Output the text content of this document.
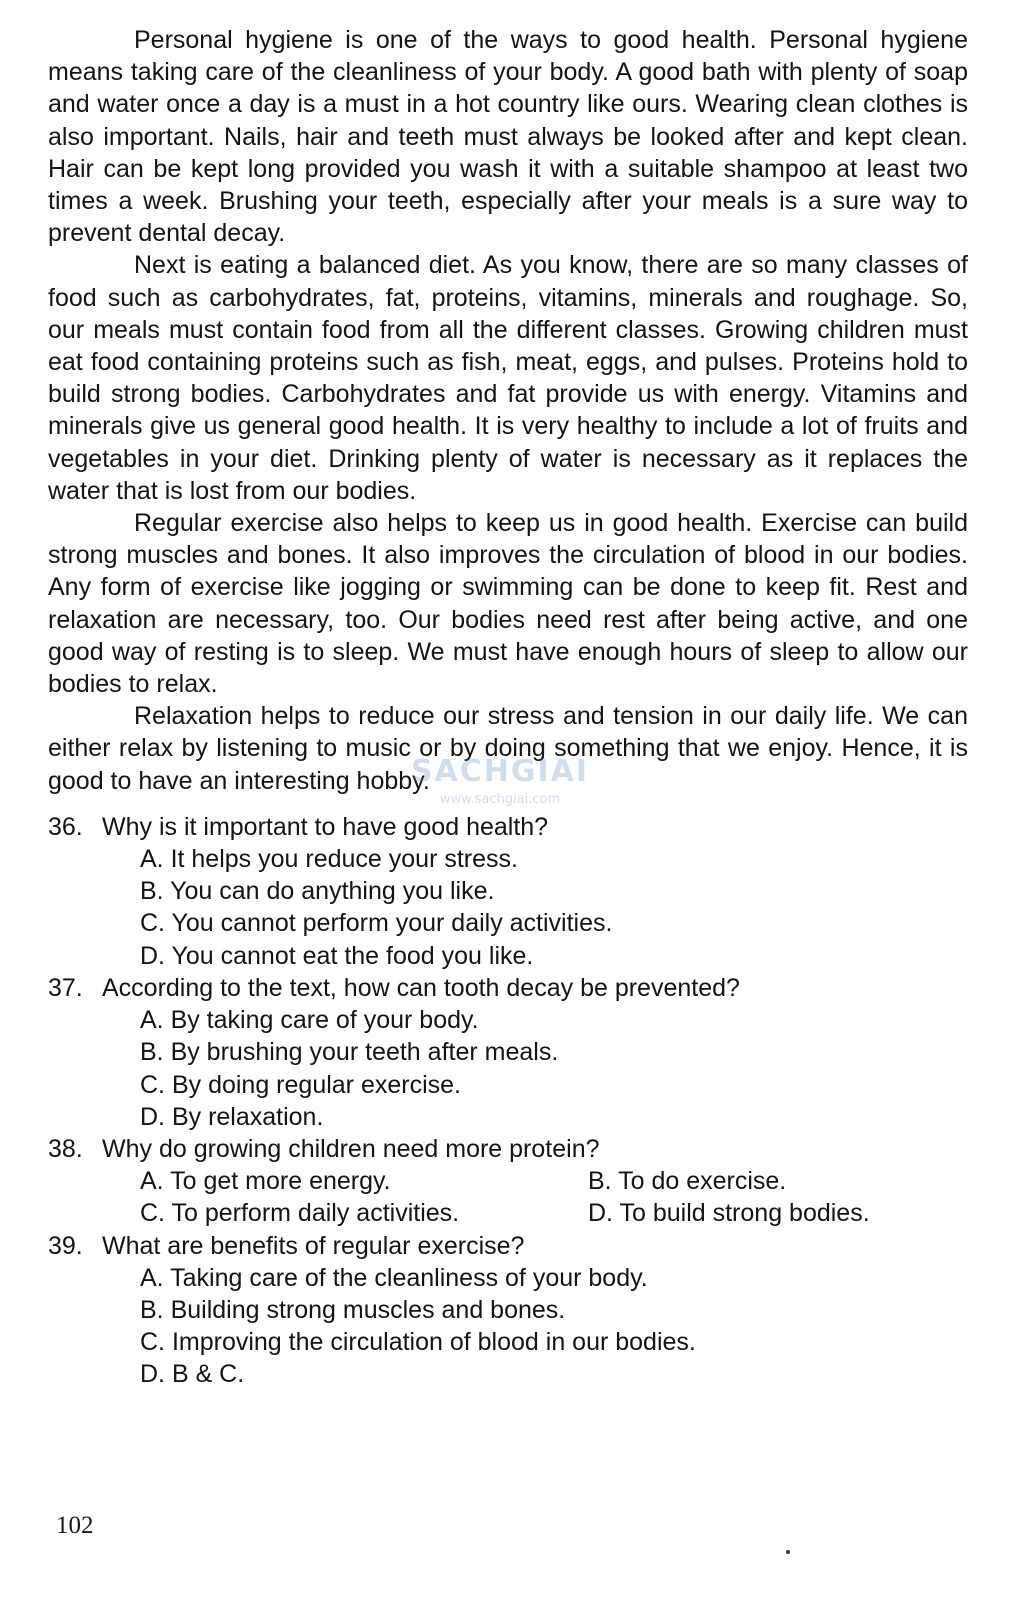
Personal hygiene is one of the ways to good health. Personal hygiene means taking care of the cleanliness of your body. A good bath with plenty of soap and water once a day is a must in a hot country like ours. Wearing clean clothes is also important. Nails, hair and teeth must always be looked after and kept clean. Hair can be kept long provided you wash it with a suitable shampoo at least two times a week. Brushing your teeth, especially after your meals is a sure way to prevent dental decay.

Next is eating a balanced diet. As you know, there are so many classes of food such as carbohydrates, fat, proteins, vitamins, minerals and roughage. So, our meals must contain food from all the different classes. Growing children must eat food containing proteins such as fish, meat, eggs, and pulses. Proteins hold to build strong bodies. Carbohydrates and fat provide us with energy. Vitamins and minerals give us general good health. It is very healthy to include a lot of fruits and vegetables in your diet. Drinking plenty of water is necessary as it replaces the water that is lost from our bodies.

Regular exercise also helps to keep us in good health. Exercise can build strong muscles and bones. It also improves the circulation of blood in our bodies. Any form of exercise like jogging or swimming can be done to keep fit. Rest and relaxation are necessary, too. Our bodies need rest after being active, and one good way of resting is to sleep. We must have enough hours of sleep to allow our bodies to relax.

Relaxation helps to reduce our stress and tension in our daily life. We can either relax by listening to music or by doing something that we enjoy. Hence, it is good to have an interesting hobby.

36. Why is it important to have good health?
A. It helps you reduce your stress.
B. You can do anything you like.
C. You cannot perform your daily activities.
D. You cannot eat the food you like.
37. According to the text, how can tooth decay be prevented?
A. By taking care of your body.
B. By brushing your teeth after meals.
C. By doing regular exercise.
D. By relaxation.
38. Why do growing children need more protein?
A. To get more energy.	B. To do exercise.
C. To perform daily activities.	D. To build strong bodies.
39. What are benefits of regular exercise?
A. Taking care of the cleanliness of your body.
B. Building strong muscles and bones.
C. Improving the circulation of blood in our bodies.
D. B & C.
SACHGIAI
www.sachgiai.com
102
